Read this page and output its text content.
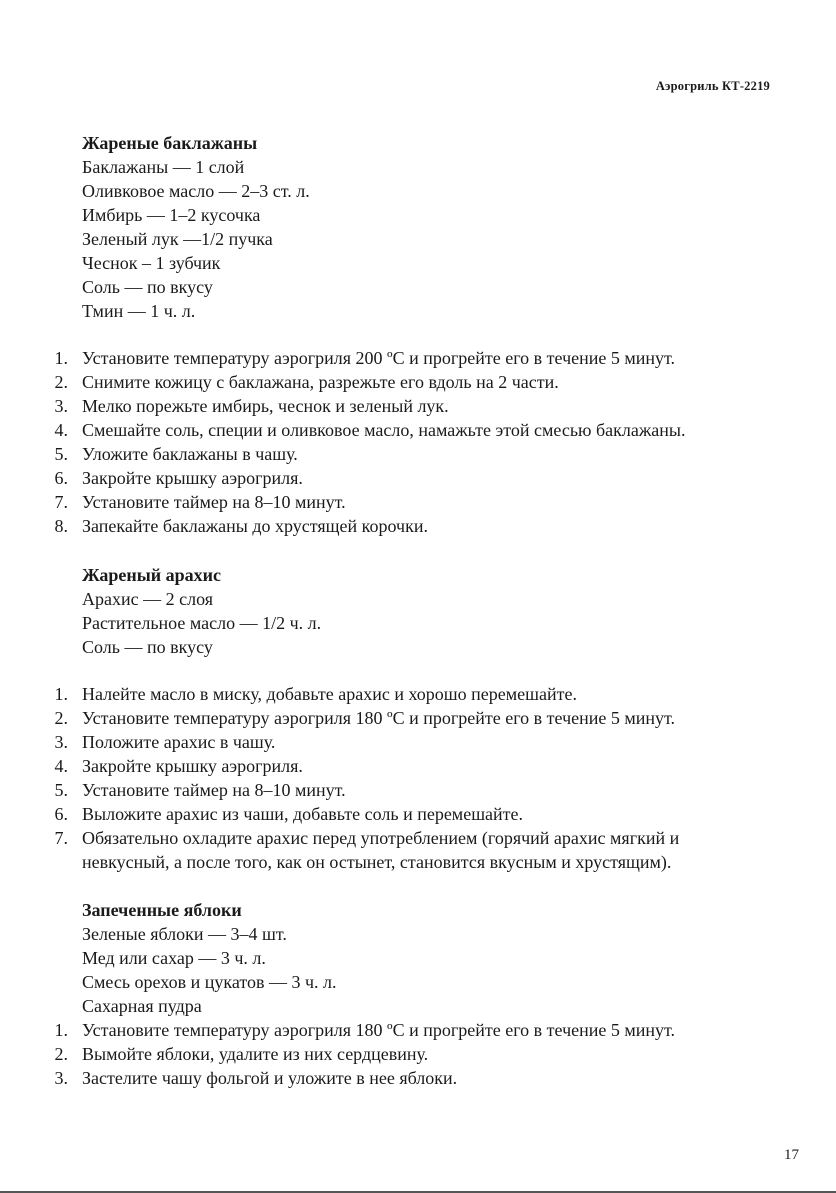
Аэрогриль КТ-2219
Жареные баклажаны
Баклажаны — 1 слой
Оливковое масло — 2–3 ст. л.
Имбирь — 1–2 кусочка
Зеленый лук —1/2 пучка
Чеснок – 1 зубчик
Соль — по вкусу
Тмин — 1 ч. л.
1. Установите температуру аэрогриля 200 ºС и прогрейте его в течение 5 минут.
2. Снимите кожицу с баклажана, разрежьте его вдоль на 2 части.
3. Мелко порежьте имбирь, чеснок и зеленый лук.
4. Смешайте соль, специи и оливковое масло, намажьте этой смесью баклажаны.
5. Уложите баклажаны в чашу.
6. Закройте крышку аэрогриля.
7. Установите таймер на 8–10 минут.
8. Запекайте баклажаны до хрустящей корочки.
Жареный арахис
Арахис — 2 слоя
Растительное масло — 1/2 ч. л.
Соль — по вкусу
1. Налейте масло в миску, добавьте арахис и хорошо перемешайте.
2. Установите температуру аэрогриля 180 ºС и прогрейте его в течение 5 минут.
3. Положите арахис в чашу.
4. Закройте крышку аэрогриля.
5. Установите таймер на 8–10 минут.
6. Выложите арахис из чаши, добавьте соль и перемешайте.
7. Обязательно охладите арахис перед употреблением (горячий арахис мягкий и
невкусный, а после того, как он остынет, становится вкусным и хрустящим).
Запеченные яблоки
Зеленые яблоки — 3–4 шт.
Мед или сахар — 3 ч. л.
Смесь орехов и цукатов — 3 ч. л.
Сахарная пудра
1. Установите температуру аэрогриля 180 ºС и прогрейте его в течение 5 минут.
2. Вымойте яблоки, удалите из них сердцевину.
3. Застелите чашу фольгой и уложите в нее яблоки.
17
